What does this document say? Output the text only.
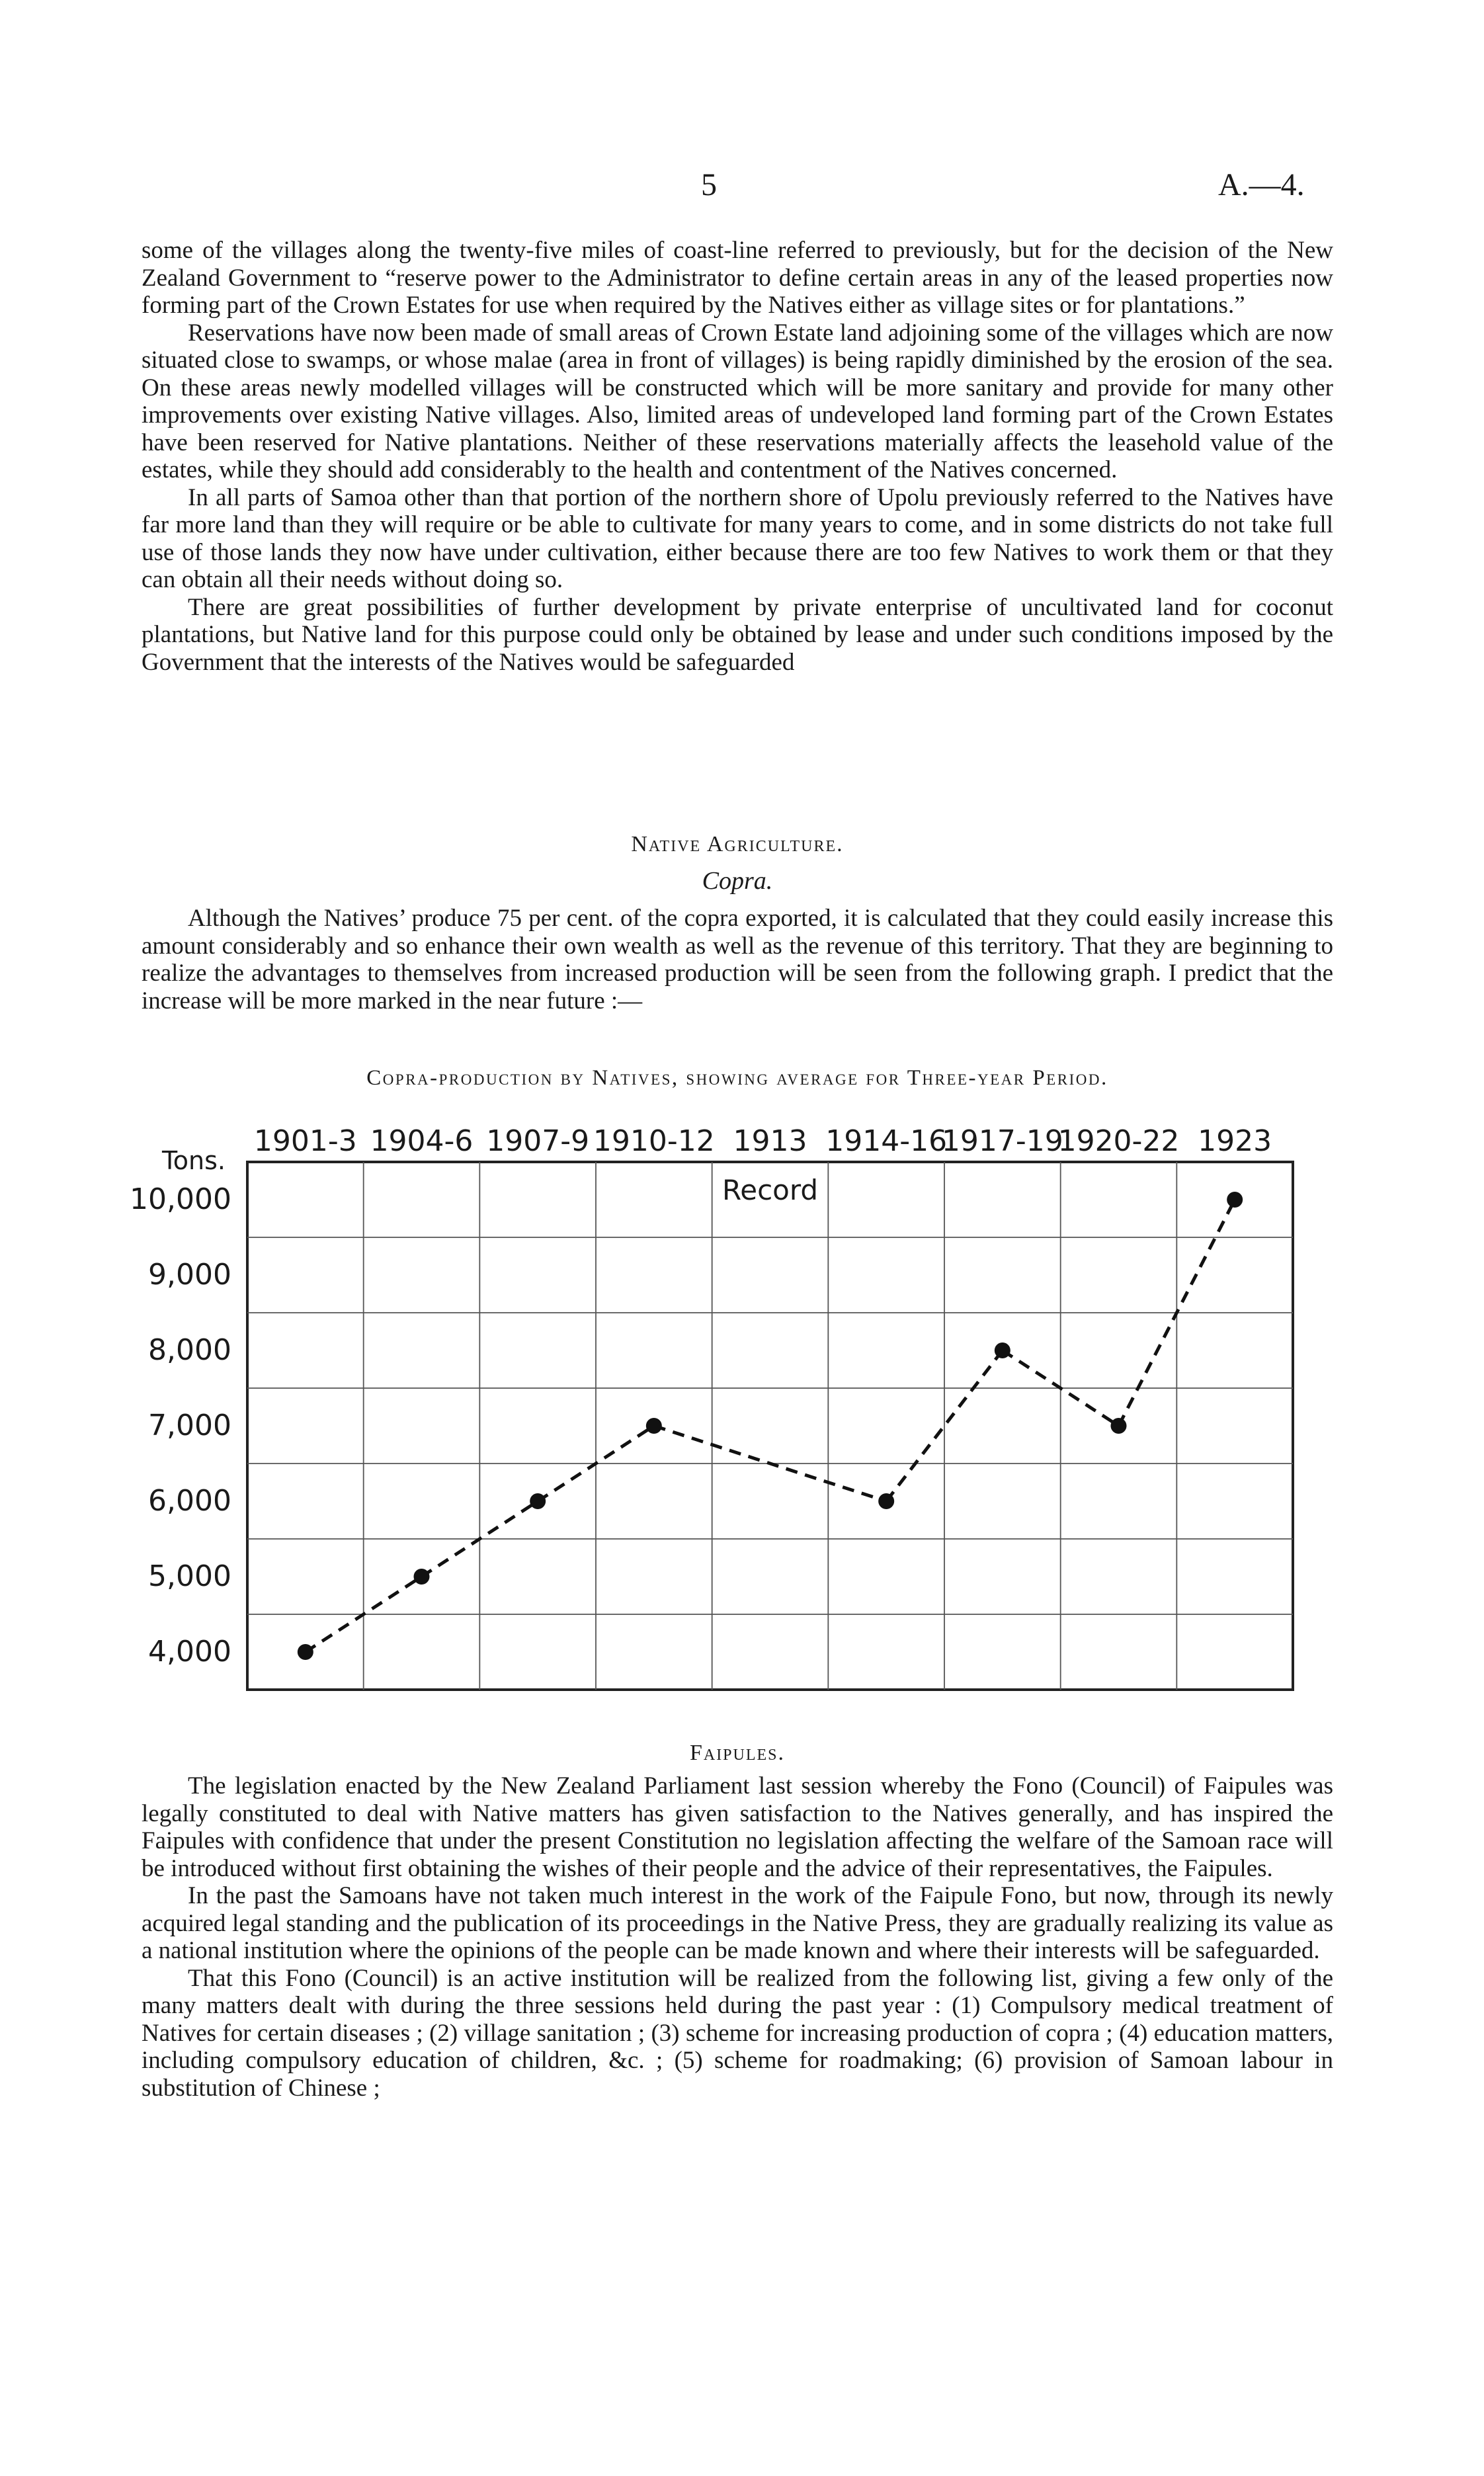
5	A.—4.

some of the villages along the twenty-five miles of coast-line referred to previously, but for the decision of the New Zealand Government to “reserve power to the Administrator to define certain areas in any of the leased properties now forming part of the Crown Estates for use when required by the Natives either as village sites or for plantations.”

Reservations have now been made of small areas of Crown Estate land adjoining some of the villages which are now situated close to swamps, or whose malae (area in front of villages) is being rapidly diminished by the erosion of the sea. On these areas newly modelled villages will be constructed which will be more sanitary and provide for many other improvements over existing Native villages. Also, limited areas of undeveloped land forming part of the Crown Estates have been reserved for Native plantations. Neither of these reservations materially affects the leasehold value of the estates, while they should add considerably to the health and contentment of the Natives concerned.

In all parts of Samoa other than that portion of the northern shore of Upolu previously referred to the Natives have far more land than they will require or be able to cultivate for many years to come, and in some districts do not take full use of those lands they now have under cultivation, either because there are too few Natives to work them or that they can obtain all their needs without doing so.

There are great possibilities of further development by private enterprise of uncultivated land for coconut plantations, but Native land for this purpose could only be obtained by lease and under such conditions imposed by the Government that the interests of the Natives would be safeguarded

Native Agriculture.
Copra.

Although the Natives’ produce 75 per cent. of the copra exported, it is calculated that they could easily increase this amount considerably and so enhance their own wealth as well as the revenue of this territory. That they are beginning to realize the advantages to themselves from increased production will be seen from the following graph. I predict that the increase will be more marked in the near future :—

Copra-production by Natives, showing average for Three-year Period.
4,000
5,000
6,000
7,000
8,000
9,000
10,000
Tons.
1901-3 1904-6 1907-9 1910-12 1913 1914-16
1917-19
1920-22 1923
Record
Faipules.

The legislation enacted by the New Zealand Parliament last session whereby the Fono (Council) of Faipules was legally constituted to deal with Native matters has given satisfaction to the Natives generally, and has inspired the Faipules with confidence that under the present Constitution no legislation affecting the welfare of the Samoan race will be introduced without first obtaining the wishes of their people and the advice of their representatives, the Faipules.

In the past the Samoans have not taken much interest in the work of the Faipule Fono, but now, through its newly acquired legal standing and the publication of its proceedings in the Native Press, they are gradually realizing its value as a national institution where the opinions of the people can be made known and where their interests will be safeguarded.

That this Fono (Council) is an active institution will be realized from the following list, giving a few only of the many matters dealt with during the three sessions held during the past year : (1) Compulsory medical treatment of Natives for certain diseases ; (2) village sanitation ; (3) scheme for increasing production of copra ; (4) education matters, including compulsory education of children, &c. ; (5) scheme for roadmaking; (6) provision of Samoan labour in substitution of Chinese ;
